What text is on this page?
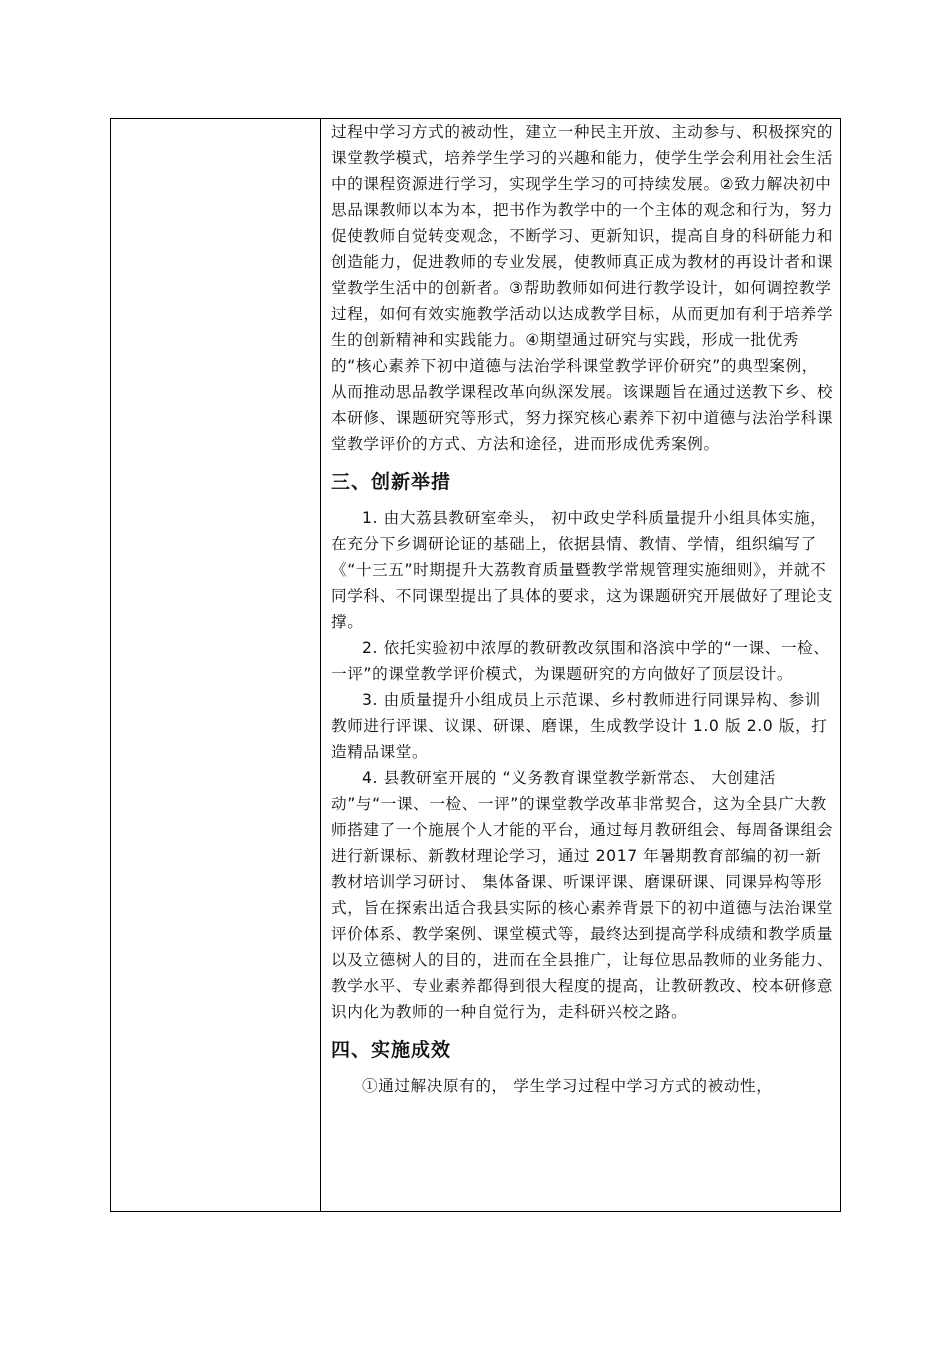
过程中学习方式的被动性，建立一种民主开放、主动参与、积极探究的课堂教学模式，培养学生学习的兴趣和能力，使学生学会利用社会生活中的课程资源进行学习，实现学生学习的可持续发展。②致力解决初中思品课教师以本为本，把书作为教学中的一个主体的观念和行为，努力促使教师自觉转变观念，不断学习、更新知识，提高自身的科研能力和创造能力，促进教师的专业发展，使教师真正成为教材的再设计者和课堂教学生活中的创新者。③帮助教师如何进行教学设计，如何调控教学过程，如何有效实施教学活动以达成教学目标，从而更加有利于培养学生的创新精神和实践能力。④期望通过研究与实践，形成一批优秀的“核心素养下初中道德与法治学科课堂教学评价研究”的典型案例，从而推动思品教学课程改革向纵深发展。该课题旨在通过送教下乡、校本研修、课题研究等形式，努力探究核心素养下初中道德与法治学科课堂教学评价的方式、方法和途径，进而形成优秀案例。

三、创新举措

1. 由大荔县教研室牵头， 初中政史学科质量提升小组具体实施，在充分下乡调研论证的基础上，依据县情、教情、学情，组织编写了《“十三五”时期提升大荔教育质量暨教学常规管理实施细则》，并就不同学科、不同课型提出了具体的要求，这为课题研究开展做好了理论支撑。

2. 依托实验初中浓厚的教研教改氛围和洛滨中学的“一课、一检、一评”的课堂教学评价模式，为课题研究的方向做好了顶层设计。

3. 由质量提升小组成员上示范课、乡村教师进行同课异构、参训教师进行评课、议课、研课、磨课，生成教学设计 1.0 版 2.0 版，打造精品课堂。

4. 县教研室开展的 “义务教育课堂教学新常态、 大创建活动”与“一课、一检、一评”的课堂教学改革非常契合，这为全县广大教师搭建了一个施展个人才能的平台，通过每月教研组会、每周备课组会进行新课标、新教材理论学习，通过 2017 年暑期教育部编的初一新教材培训学习研讨、 集体备课、听课评课、磨课研课、同课异构等形式，旨在探索出适合我县实际的核心素养背景下的初中道德与法治课堂评价体系、教学案例、课堂模式等，最终达到提高学科成绩和教学质量以及立德树人的目的，进而在全县推广，让每位思品教师的业务能力、教学水平、专业素养都得到很大程度的提高，让教研教改、校本研修意识内化为教师的一种自觉行为，走科研兴校之路。

四、实施成效

①通过解决原有的， 学生学习过程中学习方式的被动性，
